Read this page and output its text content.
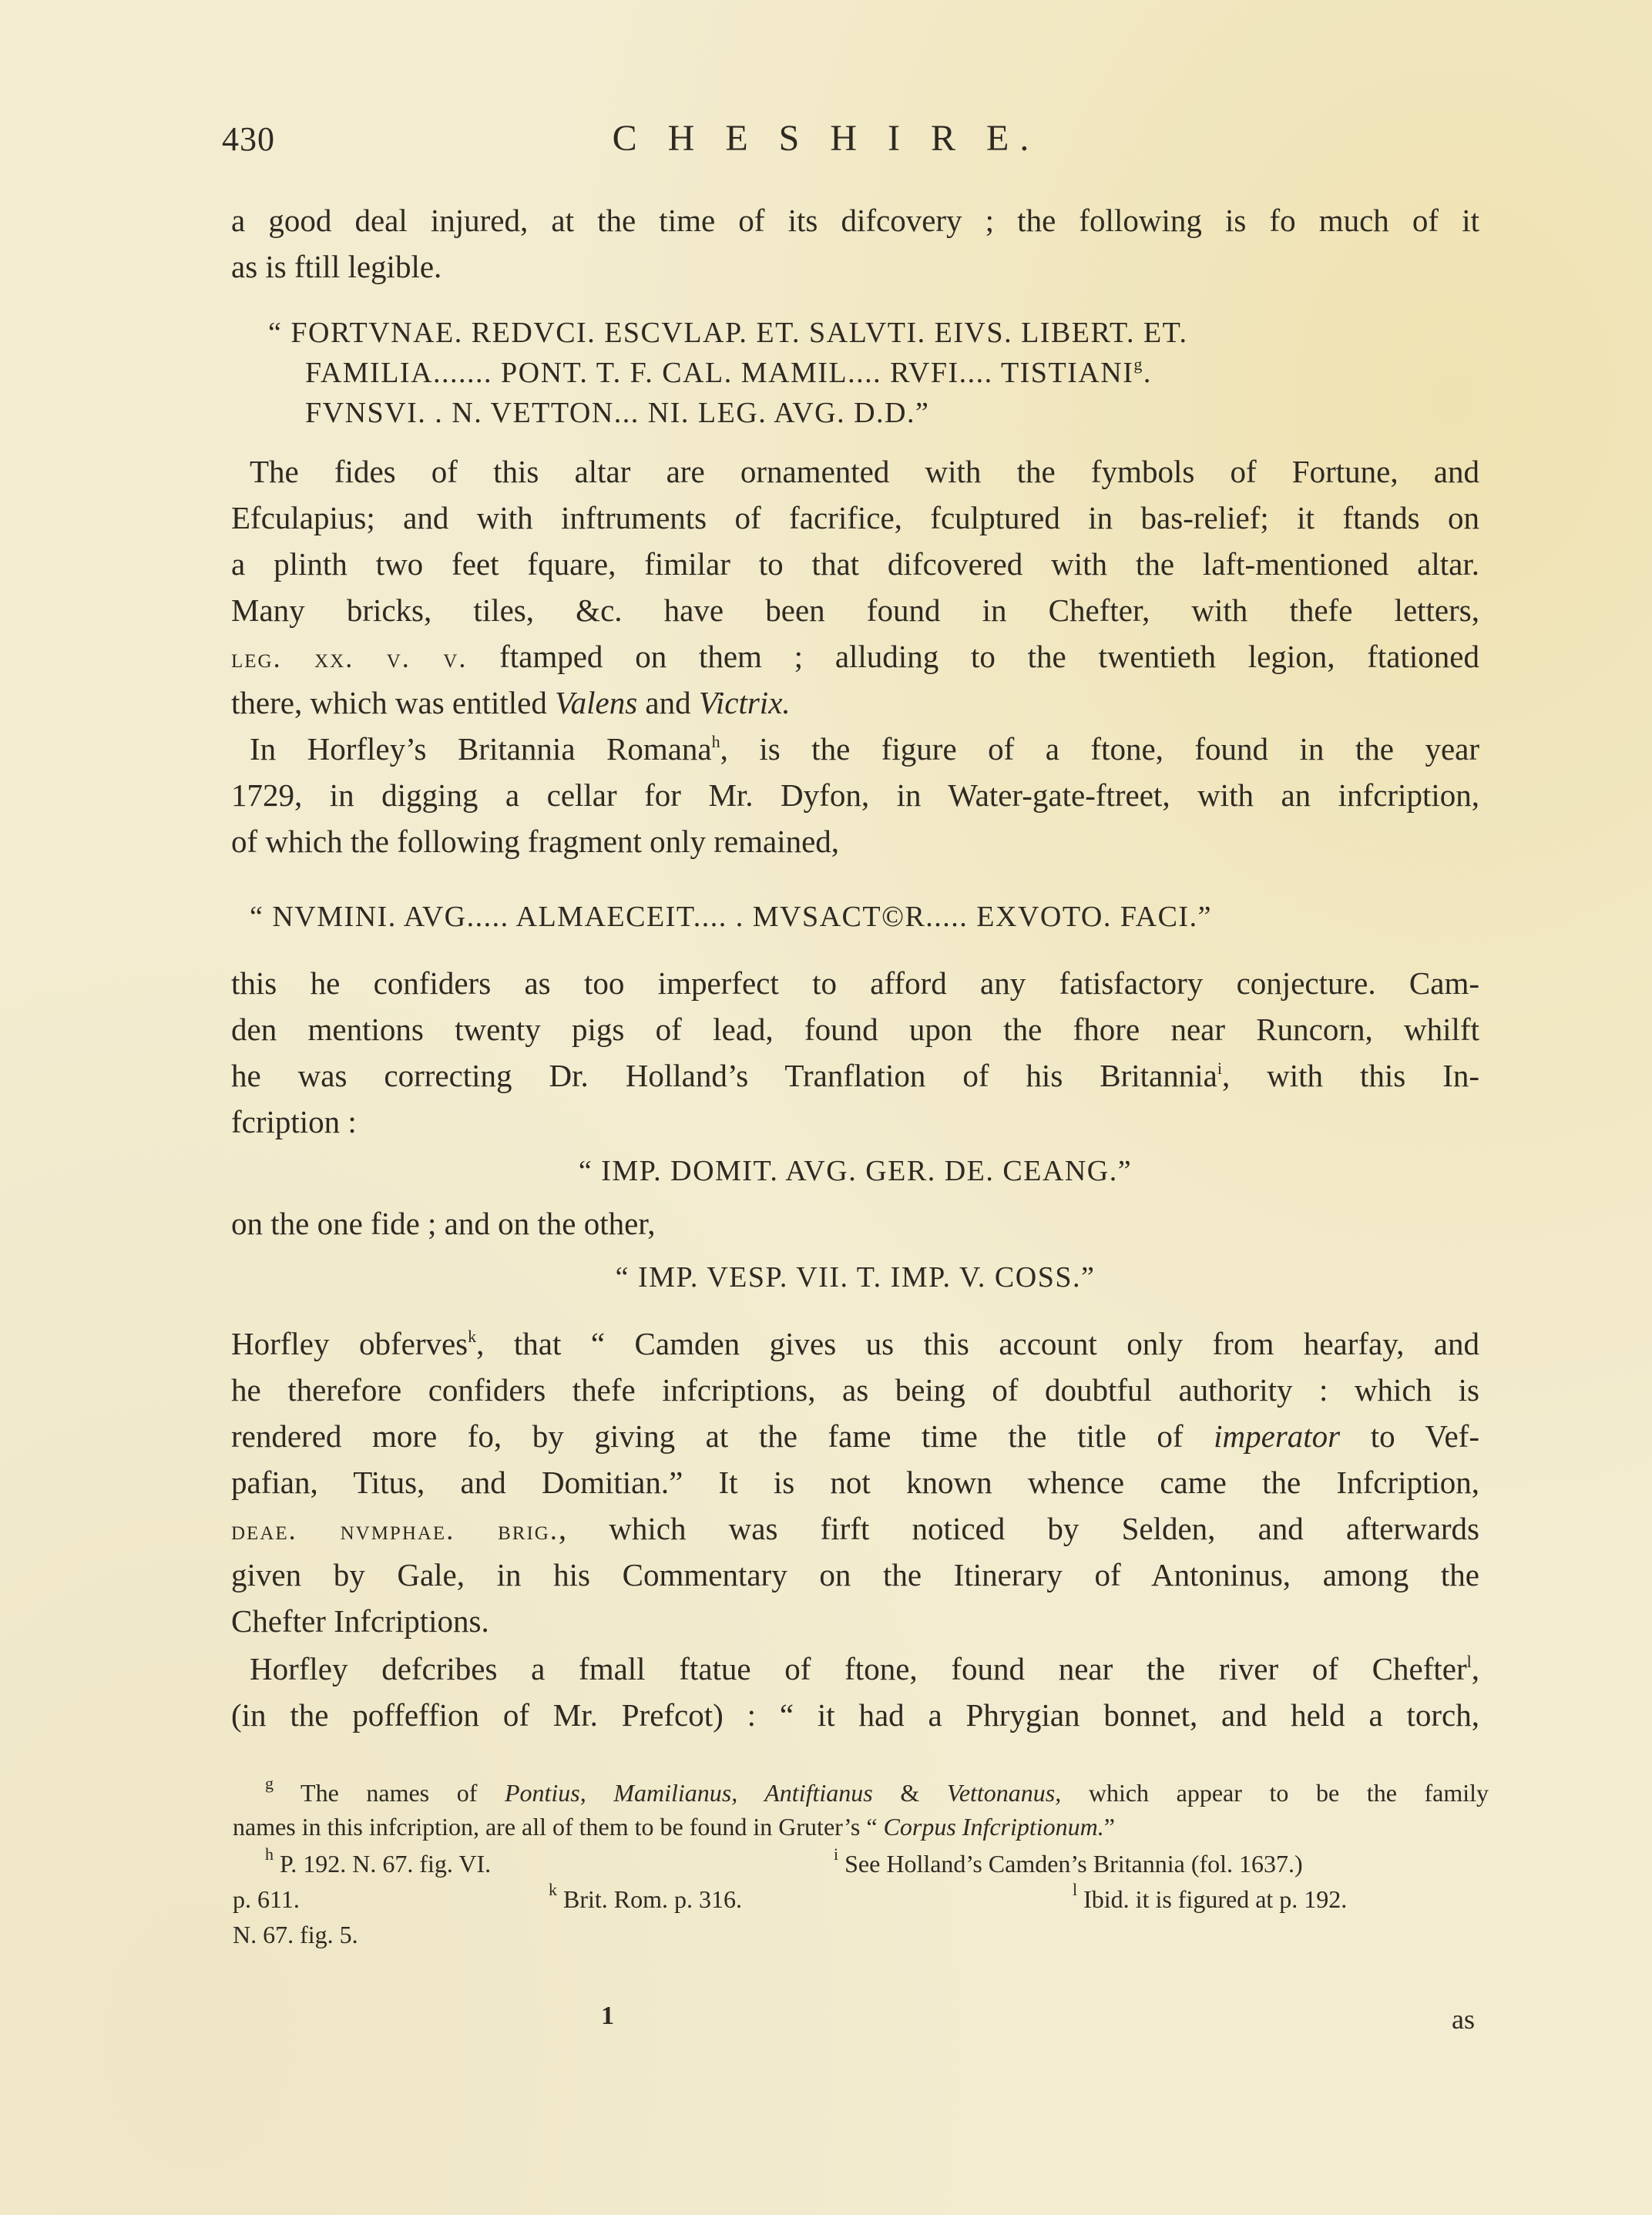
430	C H E S H I R E.
a good deal injured, at the time of its difcovery ; the following is fo much of it
as is ftill legible.
“ FORTVNAE. REDVCI. ESCVLAP. ET. SALVTI. EIVS. LIBERT. ET.
FAMILIA....... PONT. T. F. CAL. MAMIL.... RVFI.... TISTIANI$^g$.
FVNSVI. . N. VETTON... NI. LEG. AVG. D.D.”
The fides of this altar are ornamented with the fymbols of Fortune, and
Efculapius; and with inftruments of facrifice, fculptured in bas-relief; it ftands on
a plinth two feet fquare, fimilar to that difcovered with the laft-mentioned altar.
Many bricks, tiles, &c. have been found in Chefter, with thefe letters,
leg. xx. v. v. ftamped on them ; alluding to the twentieth legion, ftationed
there, which was entitled Valens and Victrix.
In Horfley’s Britannia Romana$^h$, is the figure of a ftone, found in the year
1729, in digging a cellar for Mr. Dyfon, in Water-gate-ftreet, with an infcription,
of which the following fragment only remained,
“ NVMINI. AVG..... ALMAECEIT.... . MVSACT©R..... EXVOTO. FACI.”
this he confiders as too imperfect to afford any fatisfactory conjecture. Cam-
den mentions twenty pigs of lead, found upon the fhore near Runcorn, whilft
he was correcting Dr. Holland’s Tranflation of his Britannia$^i$, with this In-
fcription :
“ IMP. DOMIT. AVG. GER. DE. CEANG.”
on the one fide ; and on the other,
“ IMP. VESP. VII. T. IMP. V. COSS.”
Horfley obferves$^k$, that “ Camden gives us this account only from hearfay, and
he therefore confiders thefe infcriptions, as being of doubtful authority : which is
rendered more fo, by giving at the fame time the title of imperator to Vef-
pafian, Titus, and Domitian.” It is not known whence came the Infcription,
deae. nvmphae. brig., which was firft noticed by Selden, and afterwards
given by Gale, in his Commentary on the Itinerary of Antoninus, among the
Chefter Infcriptions.
Horfley defcribes a fmall ftatue of ftone, found near the river of Chefter$^l$,
(in the poffeffion of Mr. Prefcot) : “ it had a Phrygian bonnet, and held a torch,
$^g$ The names of Pontius, Mamilianus, Antiftianus & Vettonanus, which appear to be the family
names in this infcription, are all of them to be found in Gruter’s “ Corpus Infcriptionum.”
$^h$ P. 192. N. 67. fig. VI.	$^i$ See Holland’s Camden’s Britannia (fol. 1637.)
p. 611.	$^k$ Brit. Rom. p. 316.	$^l$ Ibid. it is figured at p. 192.
N. 67. fig. 5.
1	as
